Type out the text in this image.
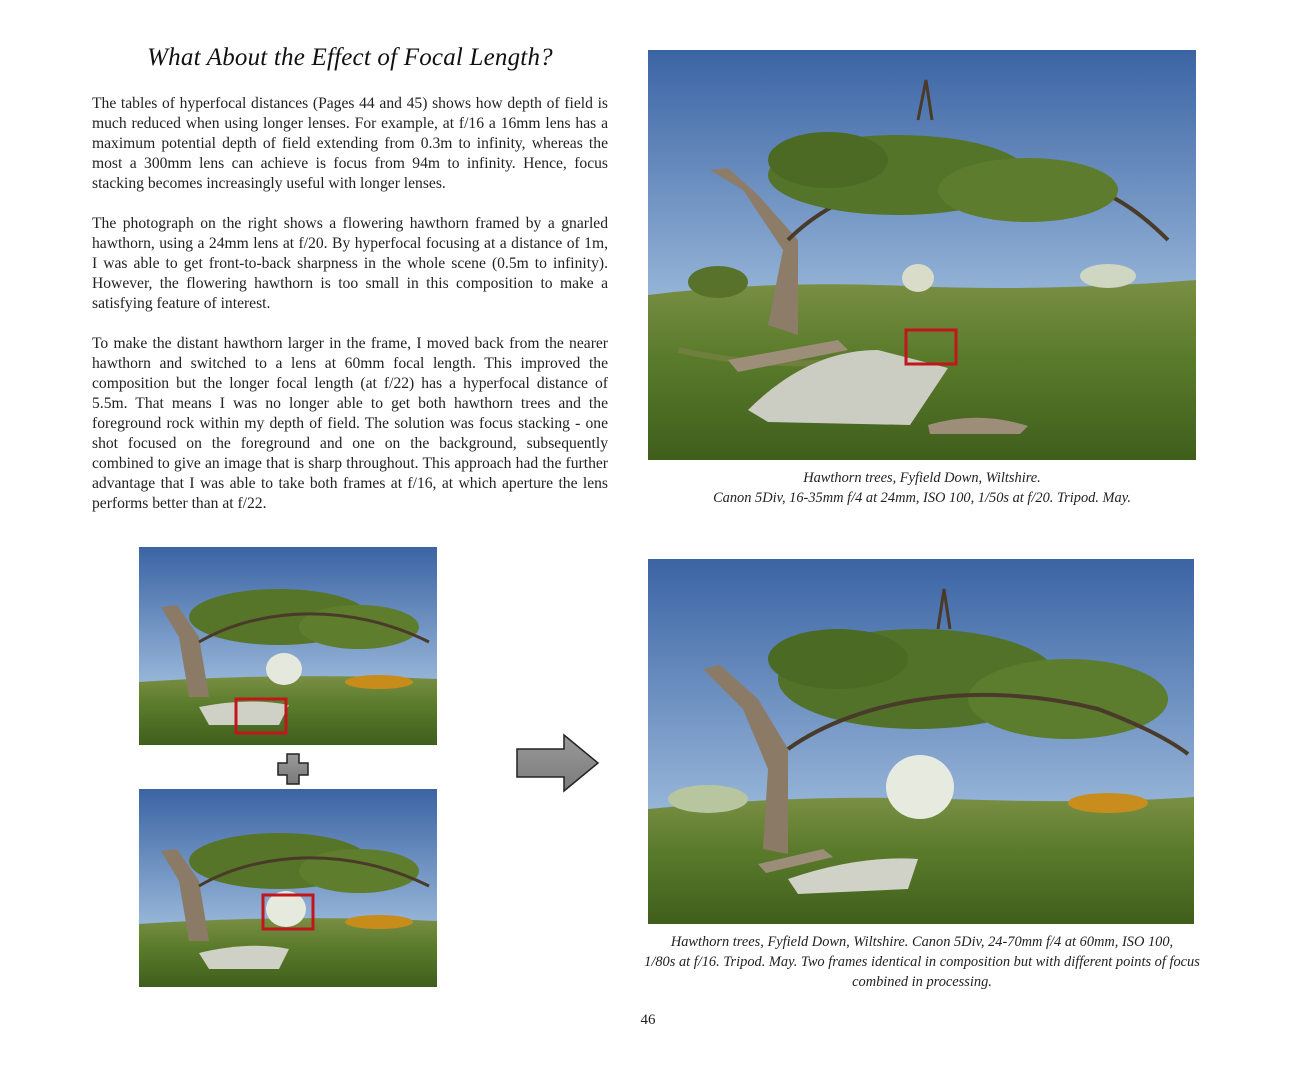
What About the Effect of Focal Length?

The tables of hyperfocal distances (Pages 44 and 45) shows how depth of field is much reduced when using longer lenses. For example, at f/16 a 16mm lens has a maximum potential depth of field extending from 0.3m to infinity, whereas the most a 300mm lens can achieve is focus from 94m to infinity. Hence, focus stacking becomes increasingly useful with longer lenses.

The photograph on the right shows a flowering hawthorn framed by a gnarled hawthorn, using a 24mm lens at f/20. By hyperfocal focusing at a distance of 1m, I was able to get front-to-back sharpness in the whole scene (0.5m to infinity). However, the flowering hawthorn is too small in this composition to make a satisfying feature of interest.

To make the distant hawthorn larger in the frame, I moved back from the nearer hawthorn and switched to a lens at 60mm focal length. This improved the composition but the longer focal length (at f/22) has a hyperfocal distance of 5.5m. That means I was no longer able to get both hawthorn trees and the foreground rock within my depth of field. The solution was focus stacking - one shot focused on the foreground and one on the background, subsequently combined to give an image that is sharp throughout. This approach had the further advantage that I was able to take both frames at f/16, at which aperture the lens performs better than at f/22.

Hawthorn trees, Fyfield Down, Wiltshire.
Canon 5Div, 16-35mm f/4 at 24mm, ISO 100, 1/50s at f/20. Tripod. May.
Hawthorn trees, Fyfield Down, Wiltshire. Canon 5Div, 24-70mm f/4 at 60mm, ISO 100,
1/80s at f/16. Tripod. May. Two frames identical in composition but with different points of focus
combined in processing.
46
